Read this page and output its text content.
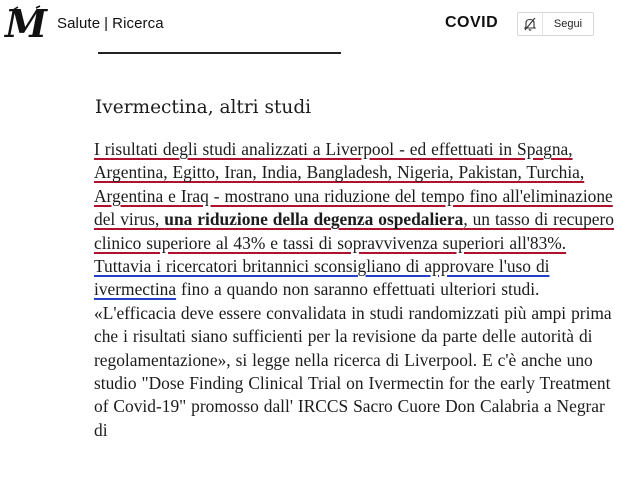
M Salute | Ricerca	COVID	Segui
Ivermectina, altri studi

I risultati degli studi analizzati a Liverpool - ed effettuati in Spagna, Argentina, Egitto, Iran, India, Bangladesh, Nigeria, Pakistan, Turchia, Argentina e Iraq - mostrano una riduzione del tempo fino all'eliminazione del virus, una riduzione della degenza ospedaliera, un tasso di recupero clinico superiore al 43% e tassi di sopravvivenza superiori all'83%. Tuttavia i ricercatori britannici sconsigliano di approvare l'uso di ivermectina fino a quando non saranno effettuati ulteriori studi. «L'efficacia deve essere convalidata in studi randomizzati più ampi prima che i risultati siano sufficienti per la revisione da parte delle autorità di regolamentazione», si legge nella ricerca di Liverpool. E c'è anche uno studio "Dose Finding Clinical Trial on Ivermectin for the early Treatment of Covid-19" promosso dall' IRCCS Sacro Cuore Don Calabria a Negrar di
